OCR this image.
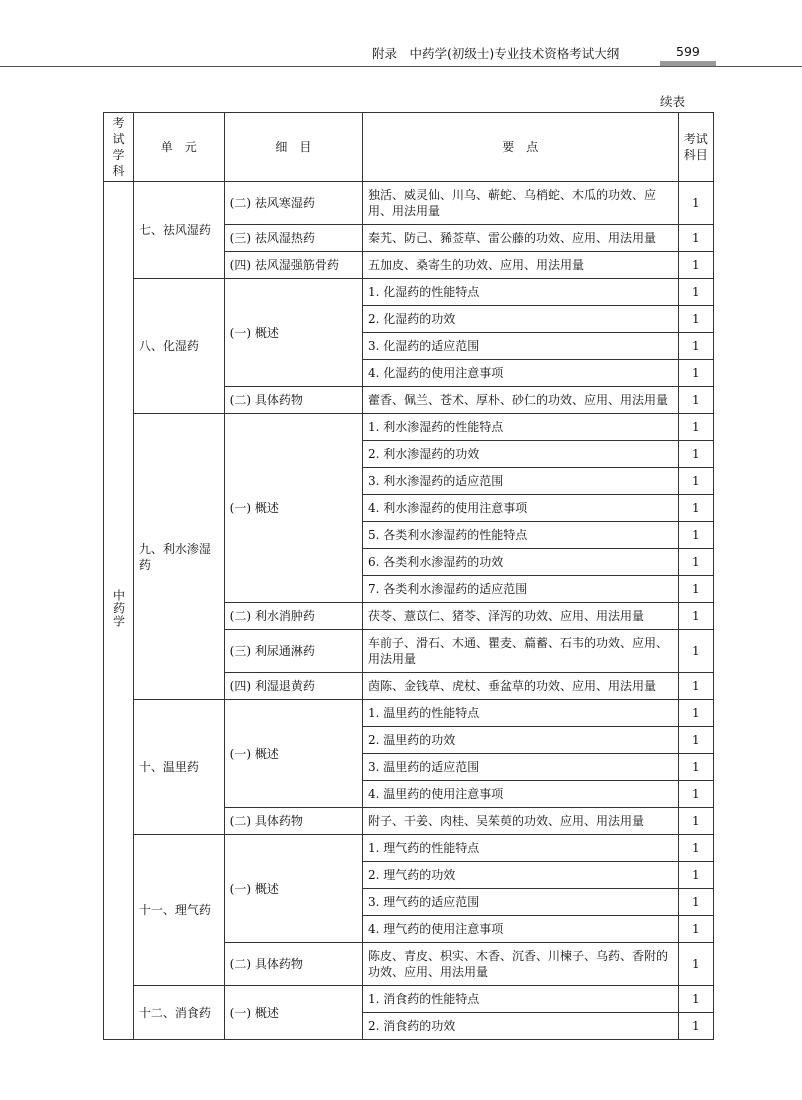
附录　中药学(初级士)专业技术资格考试大纲	599
续表
考试学科	单　元	细　目	要　点	考试科目
中药学	七、祛风湿药	(二) 祛风寒湿药	独活、威灵仙、川乌、蕲蛇、乌梢蛇、木瓜的功效、应用、用法用量	1
		(三) 祛风湿热药	秦艽、防己、豨莶草、雷公藤的功效、应用、用法用量	1
		(四) 祛风湿强筋骨药	五加皮、桑寄生的功效、应用、用法用量	1
	八、化湿药	(一) 概述	1. 化湿药的性能特点	1
			2. 化湿药的功效	1
			3. 化湿药的适应范围	1
			4. 化湿药的使用注意事项	1
		(二) 具体药物	藿香、佩兰、苍术、厚朴、砂仁的功效、应用、用法用量	1
	九、利水渗湿药	(一) 概述	1. 利水渗湿药的性能特点	1
			2. 利水渗湿药的功效	1
			3. 利水渗湿药的适应范围	1
			4. 利水渗湿药的使用注意事项	1
			5. 各类利水渗湿药的性能特点	1
			6. 各类利水渗湿药的功效	1
			7. 各类利水渗湿药的适应范围	1
		(二) 利水消肿药	茯苓、薏苡仁、猪苓、泽泻的功效、应用、用法用量	1
		(三) 利尿通淋药	车前子、滑石、木通、瞿麦、萹蓄、石韦的功效、应用、用法用量	1
		(四) 利湿退黄药	茵陈、金钱草、虎杖、垂盆草的功效、应用、用法用量	1
	十、温里药	(一) 概述	1. 温里药的性能特点	1
			2. 温里药的功效	1
			3. 温里药的适应范围	1
			4. 温里药的使用注意事项	1
		(二) 具体药物	附子、干姜、肉桂、吴茱萸的功效、应用、用法用量	1
	十一、理气药	(一) 概述	1. 理气药的性能特点	1
			2. 理气药的功效	1
			3. 理气药的适应范围	1
			4. 理气药的使用注意事项	1
		(二) 具体药物	陈皮、青皮、枳实、木香、沉香、川楝子、乌药、香附的功效、应用、用法用量	1
	十二、消食药	(一) 概述	1. 消食药的性能特点	1
			2. 消食药的功效	1
